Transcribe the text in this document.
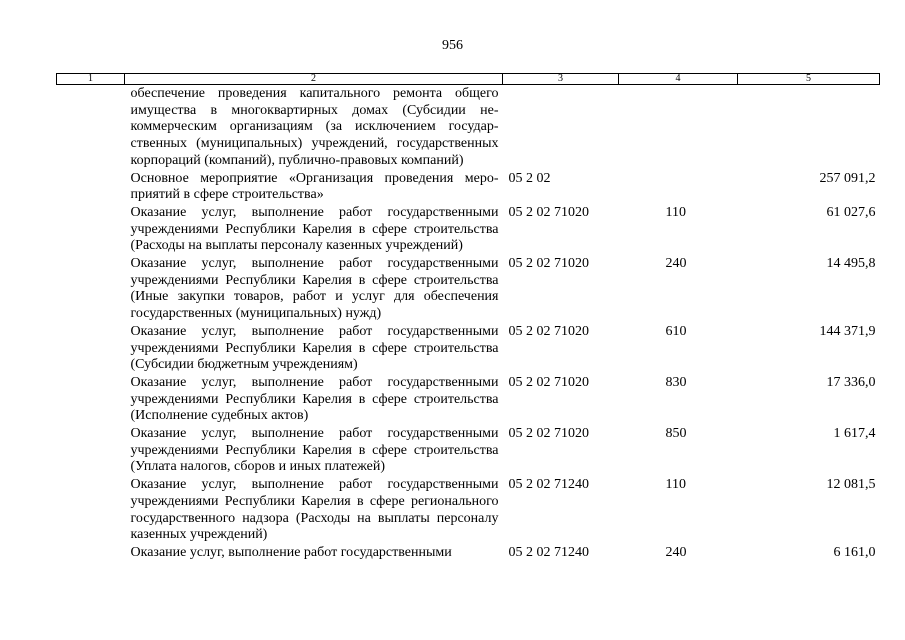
956
1	2	3	4	5
	обеспечение проведения капитального ремонта общего имущества в многоквартирных домах (Субсидии некоммерческим организациям (за исключением государственных (муниципальных) учреждений, государственных корпораций (компаний), публично-правовых компаний)			
	Основное мероприятие «Организация проведения мероприятий в сфере строительства»	05 2 02		257 091,2
	Оказание услуг, выполнение работ государственными учреждениями Республики Карелия в сфере строительства (Расходы на выплаты персоналу казенных учреждений)	05 2 02 71020	110	61 027,6
	Оказание услуг, выполнение работ государственными учреждениями Республики Карелия в сфере строительства (Иные закупки товаров, работ и услуг для обеспечения государственных (муниципальных) нужд)	05 2 02 71020	240	14 495,8
	Оказание услуг, выполнение работ государственными учреждениями Республики Карелия в сфере строительства (Субсидии бюджетным учреждениям)	05 2 02 71020	610	144 371,9
	Оказание услуг, выполнение работ государственными учреждениями Республики Карелия в сфере строительства (Исполнение судебных актов)	05 2 02 71020	830	17 336,0
	Оказание услуг, выполнение работ государственными учреждениями Республики Карелия в сфере строительства (Уплата налогов, сборов и иных платежей)	05 2 02 71020	850	1 617,4
	Оказание услуг, выполнение работ государственными учреждениями Республики Карелия в сфере регионального государственного надзора (Расходы на выплаты персоналу казенных учреждений)	05 2 02 71240	110	12 081,5
	Оказание услуг, выполнение работ государственными	05 2 02 71240	240	6 161,0
